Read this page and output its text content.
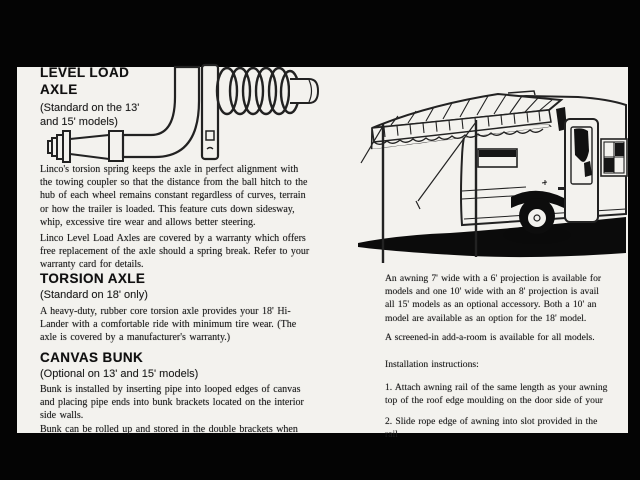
LEVEL LOAD
AXLE
(Standard on the 13'
and 15' models)
Linco's torsion spring keeps the axle in perfect alignment with
the towing coupler so that the distance from the ball hitch to the
hub of each wheel remains constant regardless of curves, terrain
or how the trailer is loaded. This feature cuts down sidesway,
whip, excessive tire wear and allows better steering.
Linco Level Load Axles are covered by a warranty which offers
free replacement of the axle should a spring break. Refer to your
warranty card for details.
TORSION AXLE
(Standard on 18' only)
A heavy-duty, rubber core torsion axle provides your 18' Hi-
Lander with a comfortable ride with minimum tire wear. (The
axle is covered by a manufacturer's warranty.)
CANVAS BUNK
(Optional on 13' and 15' models)
Bunk is installed by inserting pipe into looped edges of canvas
and placing pipe ends into bunk brackets located on the interior
side walls.
Bunk can be rolled up and stored in the double brackets when
An awning 7' wide with a 6' projection is available for
models and one 10' wide with an 8' projection is avail
all 15' models as an optional accessory. Both a 10' an
model are available as an option for the 18' model.
A screened-in add-a-room is available for all models.
Installation instructions:
1. Attach awning rail of the same length as your awning
top of the roof edge moulding on the door side of your
2. Slide rope edge of awning into slot provided in the
rail
